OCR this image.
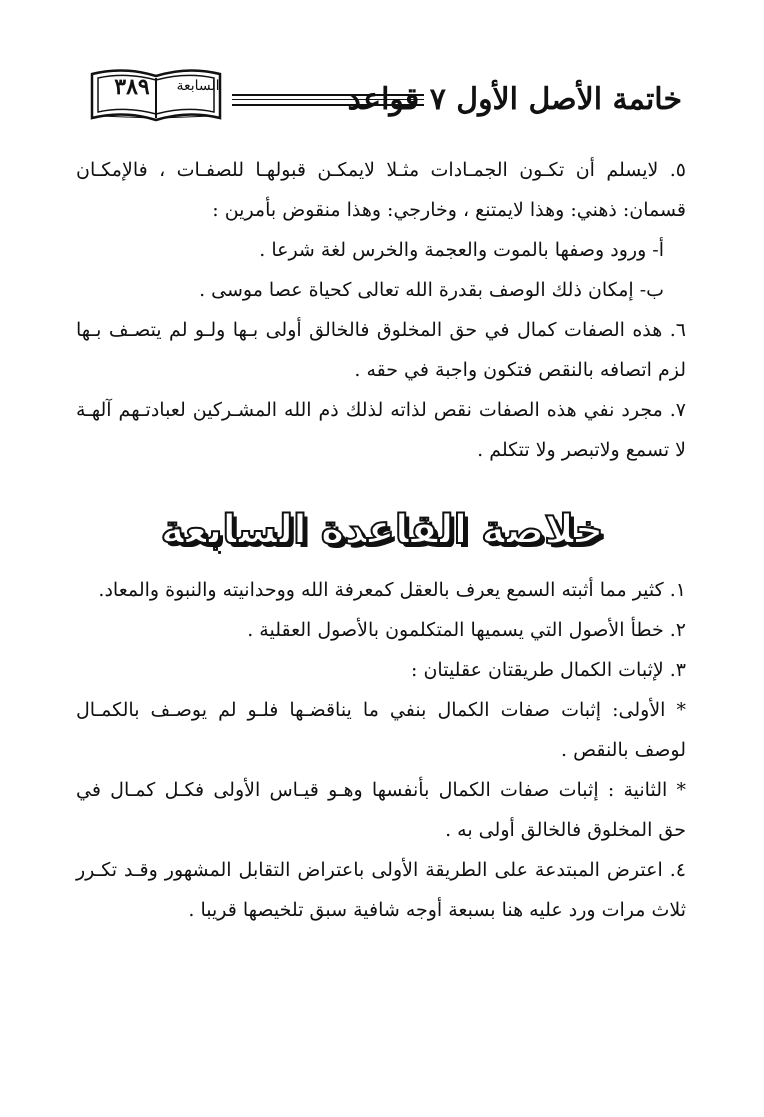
خاتمة الأصل الأول ٧ قواعد
السابعة
٣٨٩
٥. لايسلم أن تكـون الجمـادات مثـلا لايمكـن قبولهـا للصفـات ، فالإمكـان
قسمان: ذهني: وهذا لايمتنع ، وخارجي: وهذا منقوض بأمرين :
أ- ورود وصفها بالموت والعجمة والخرس لغة شرعا .
ب- إمكان ذلك الوصف بقدرة الله تعالى كحياة عصا موسى .
٦. هذه الصفات كمال في حق المخلوق فالخالق أولى بـها ولـو لم يتصـف بـها
لزم اتصافه بالنقص فتكون واجبة في حقه .
٧. مجرد نفي هذه الصفات نقص لذاته لذلك ذم الله المشـركين لعبادتـهم آلهـة
لا تسمع ولاتبصر ولا تتكلم .
خلاصة القاعدة السابعة
١. كثير مما أثبته السمع يعرف بالعقل كمعرفة الله ووحدانيته والنبوة والمعاد.
٢. خطأ الأصول التي يسميها المتكلمون بالأصول العقلية .
٣. لإثبات الكمال طريقتان عقليتان :
* الأولى: إثبات صفات الكمال بنفي ما يناقضـها فلـو لم يوصـف بالكمـال
لوصف بالنقص .
* الثانية : إثبات صفات الكمال بأنفسها وهـو قيـاس الأولى فكـل كمـال في
حق المخلوق فالخالق أولى به .
٤. اعترض المبتدعة على الطريقة الأولى باعتراض التقابل المشهور وقـد تكـرر
ثلاث مرات ورد عليه هنا بسبعة أوجه شافية سبق تلخيصها قريبا .
